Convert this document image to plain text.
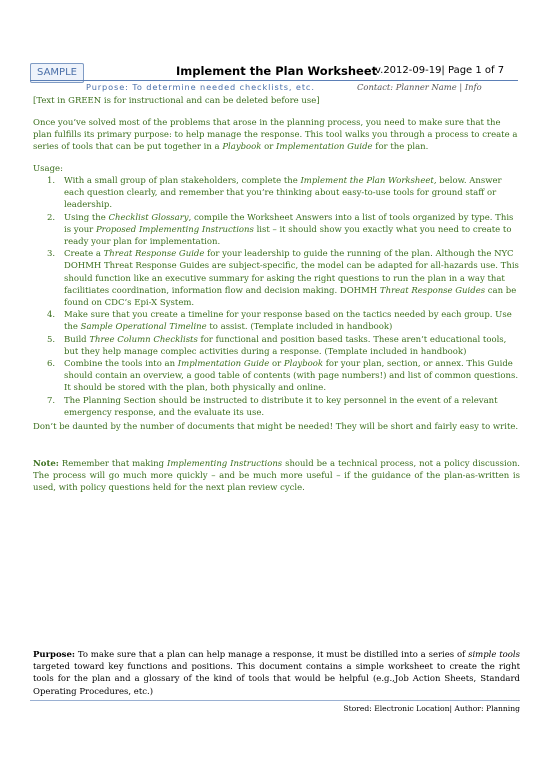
SAMPLE	Implement the Plan Worksheet
v.2012-09-19| Page 1 of 7
Purpose: To determine needed checklists, etc.	Contact: Planner Name | Info
[Text in GREEN is for instructional and can be deleted before use]
Once you’ve solved most of the problems that arose in the planning process, you need to make sure that the plan fulfills its primary purpose: to help manage the response. This tool walks you through a process to create a series of tools that can be put together in a Playbook or Implementation Guide for the plan.
Usage:
1. With a small group of plan stakeholders, complete the Implement the Plan Worksheet, below. Answer each question clearly, and remember that you’re thinking about easy-to-use tools for ground staff or leadership.
2. Using the Checklist Glossary, compile the Worksheet Answers into a list of tools organized by type. This is your Proposed Implementing Instructions list – it should show you exactly what you need to create to ready your plan for implementation.
3. Create a Threat Response Guide for your leadership to guide the running of the plan. Although the NYC DOHMH Threat Response Guides are subject-specific, the model can be adapted for all-hazards use. This should function like an executive summary for asking the right questions to run the plan in a way that facilitiates coordination, information flow and decision making. DOHMH Threat Response Guides can be found on CDC’s Epi-X System.
4. Make sure that you create a timeline for your response based on the tactics needed by each group. Use the Sample Operational Timeline to assist. (Template included in handbook)
5. Build Three Column Checklists for functional and position based tasks. These aren’t educational tools, but they help manage complec activities during a response. (Template included in handbook)
6. Combine the tools into an Implmentation Guide or Playbook for your plan, section, or annex. This Guide should contain an overview, a good table of contents (with page numbers!) and list of common questions. It should be stored with the plan, both physically and online.
7. The Planning Section should be instructed to distribute it to key personnel in the event of a relevant emergency response, and the evaluate its use.
Don’t be daunted by the number of documents that might be needed! They will be short and fairly easy to write.
Note: Remember that making Implementing Instructions should be a technical process, not a policy discussion. The process will go much more quickly – and be much more useful – if the guidance of the plan-as-written is used, with policy questions held for the next plan review cycle.
Purpose: To make sure that a plan can help manage a response, it must be distilled into a series of simple tools targeted toward key functions and positions. This document contains a simple worksheet to create the right tools for the plan and a glossary of the kind of tools that would be helpful (e.g.,Job Action Sheets, Standard Operating Procedures, etc.)
Stored: Electronic Location| Author: Planning
